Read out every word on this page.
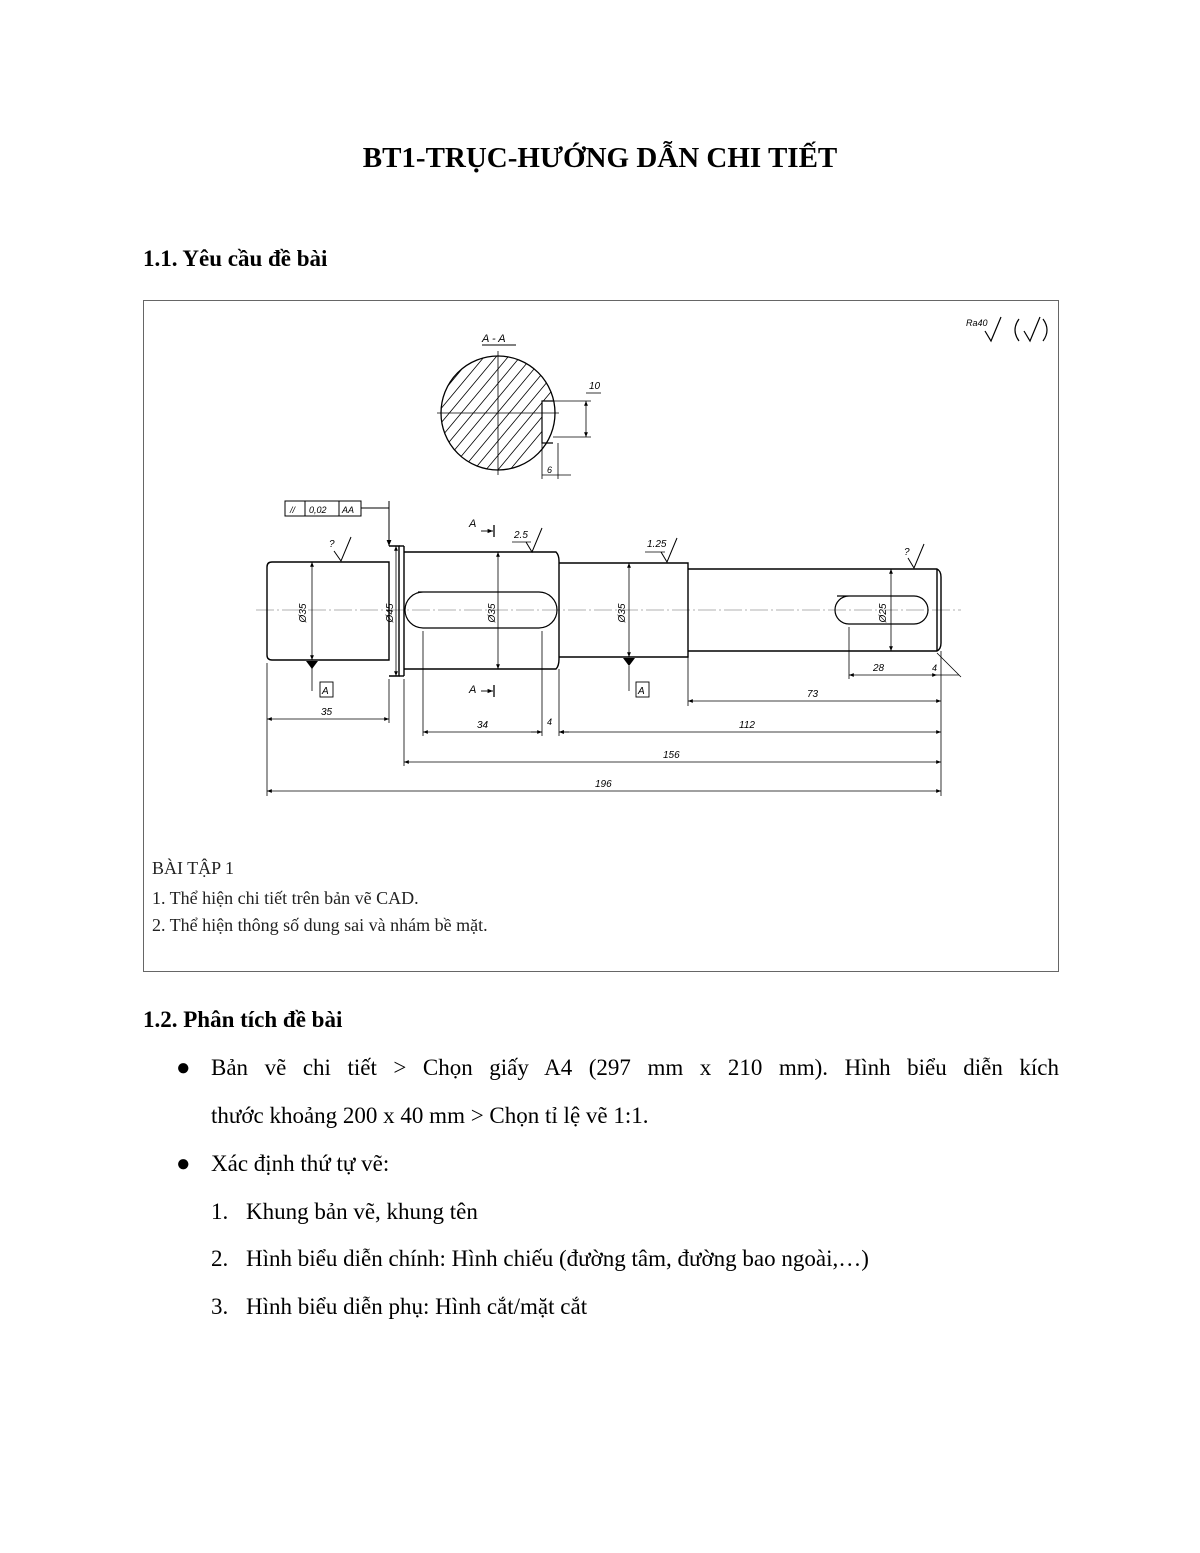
BT1-TRỤC-HƯỚNG DẪN CHI TIẾT
1.1. Yêu cầu đề bài
Ra40
A - A
10
6
// 0,02 AA
Ø35	Ø45	Ø35	Ø35	Ø25
A	A
A
A
?
2.5
1.25
?
35
34	4	112
156
196
73
28	4

BÀI TẬP 1

1. Thể hiện chi tiết trên bản vẽ CAD.

2. Thể hiện thông số dung sai và nhám bề mặt.

1.2. Phân tích đề bài
● Bản vẽ chi tiết > Chọn giấy A4 (297 mm x 210 mm). Hình biểu diễn kích

thước khoảng 200 x 40 mm > Chọn tỉ lệ vẽ 1:1.

● Xác định thứ tự vẽ:

1. Khung bản vẽ, khung tên

2. Hình biểu diễn chính: Hình chiếu (đường tâm, đường bao ngoài,…)

3. Hình biểu diễn phụ: Hình cắt/mặt cắt
